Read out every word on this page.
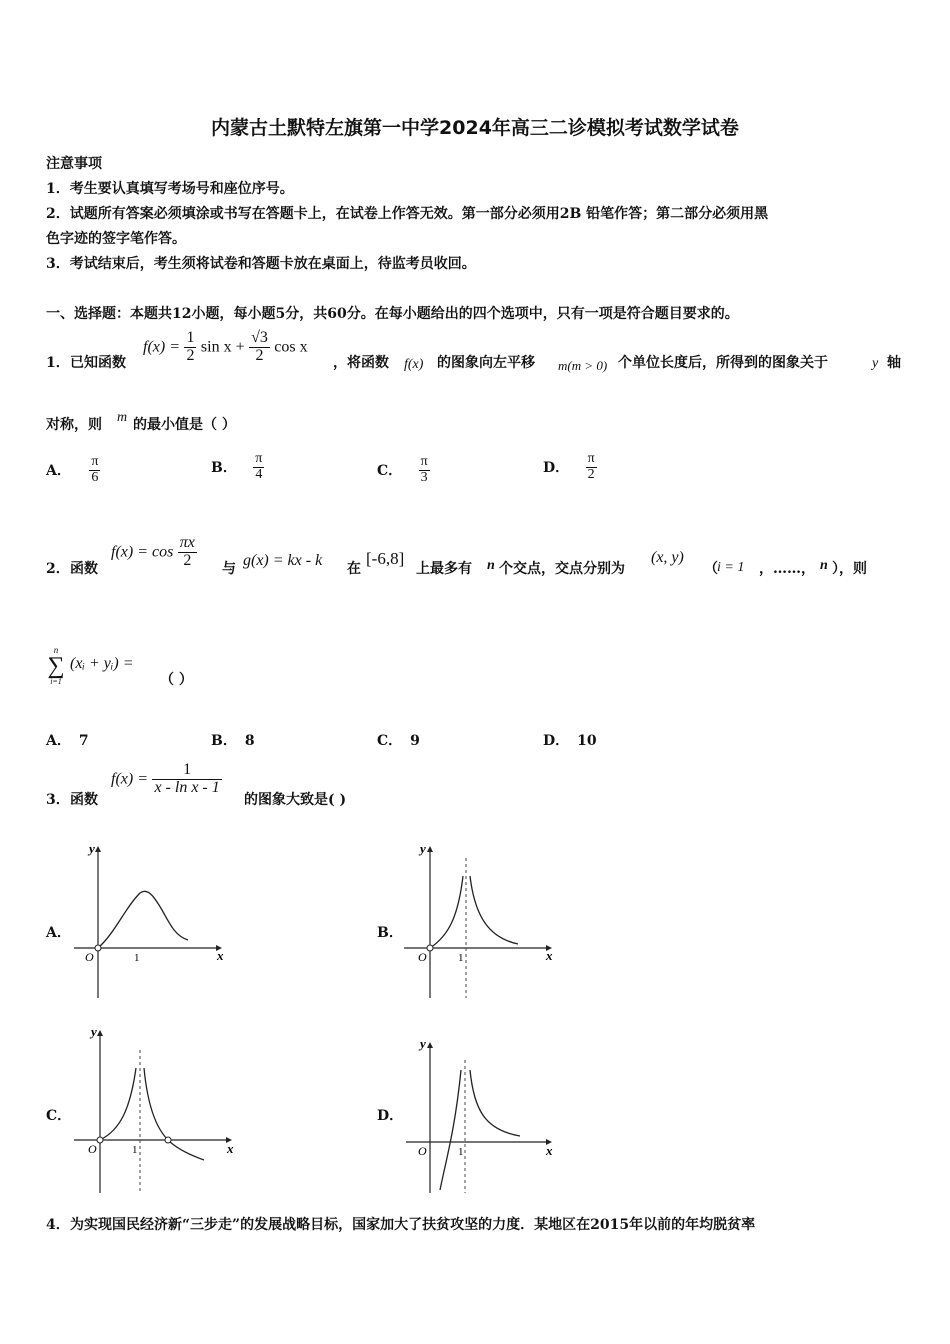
内蒙古土默特左旗第一中学2024年高三二诊模拟考试数学试卷
注意事项
1．考生要认真填写考场号和座位序号。
2．试题所有答案必须填涂或书写在答题卡上，在试卷上作答无效。第一部分必须用2B 铅笔作答；第二部分必须用黑
色字迹的签字笔作答。
3．考试结束后，考生须将试卷和答题卡放在桌面上，待监考员收回。
一、选择题：本题共12小题，每小题5分，共60分。在每小题给出的四个选项中，只有一项是符合题目要求的。
1． 已知函数
$f(x) = \frac{1}{2}$ $\sin x + \frac{√3}{2}$ cos x
，将函数 f(x) 的图象向左平移 m(m > 0) 个单位长度后，所得到的图象关于	y 轴
对称，则 m 的最小值是（ ）
A． $\frac{\pi}{6}$	B． $\frac{\pi}{4}$	C． $\frac{\pi}{3}$	D． $\frac{\pi}{2}$
2． 函数
$f(x) = \cos \frac{\pi x}{2}$ 与 g(x) = kx - k 在
[-6,8]
上最多有 n 个交点，交点分别为
(x, y)
（ i = 1 ，……， n ），则
n
∑
i=1
(xᵢ + yᵢ) =
（ ）
A． 7	B． 8	C． 9	D． 10
3． 函数
$f(x) = \frac{1}{\text{x - ln x - 1}}$
的图象大致是( )
A．	B．
C．	D．
x
y
O	1	x
y
O	1
x
y
O	1	x
y
O	1
4． 为实现国民经济新“三步走”的发展战略目标，国家加大了扶贫攻坚的力度．某地区在2015年以前的年均脱贫率
